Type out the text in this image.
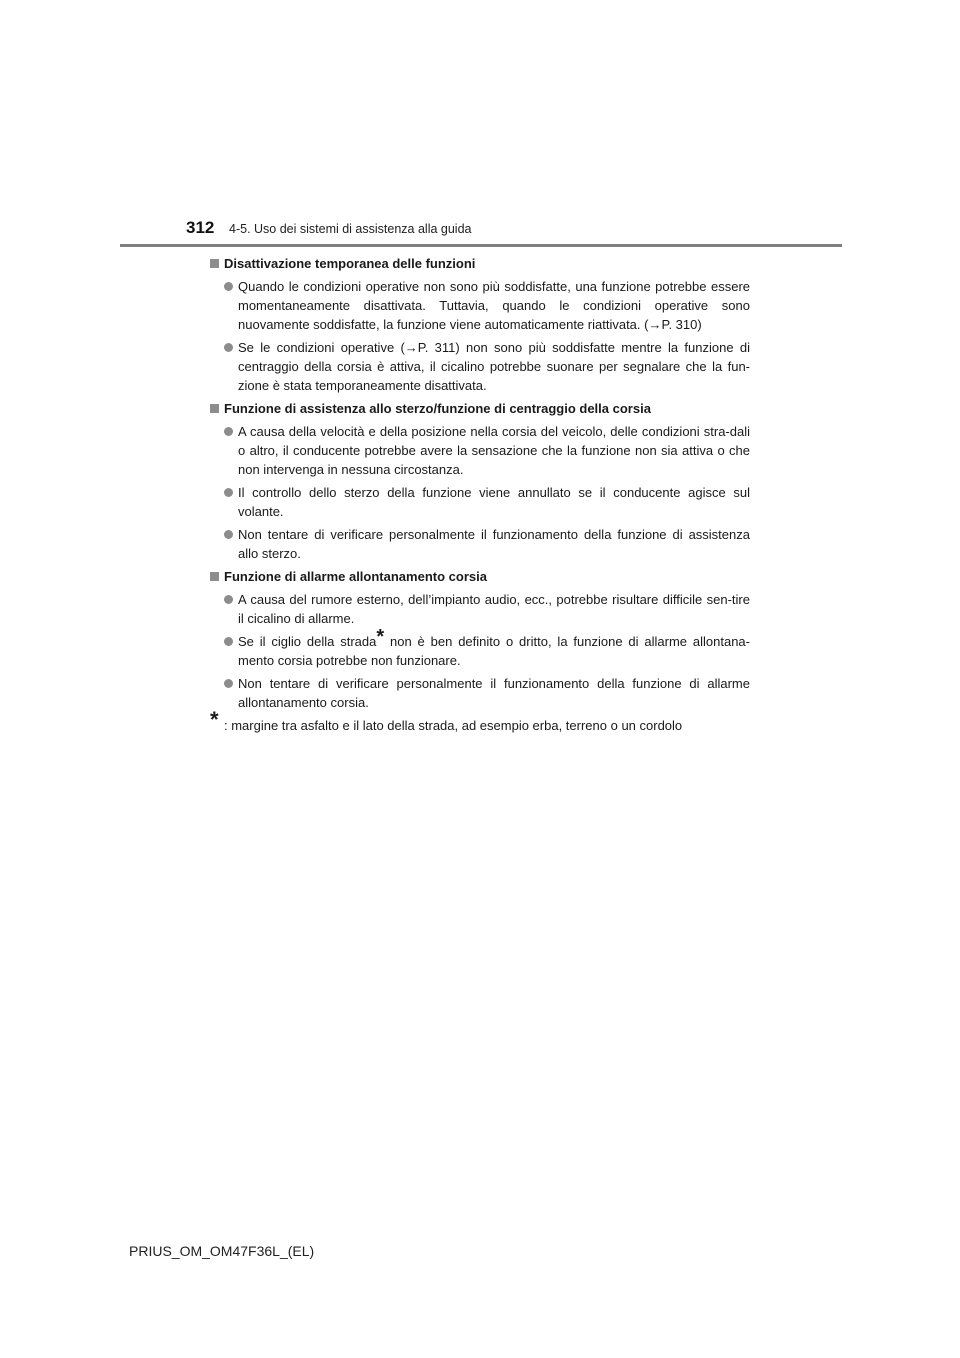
312 4-5. Uso dei sistemi di assistenza alla guida
Disattivazione temporanea delle funzioni
Quando le condizioni operative non sono più soddisfatte, una funzione potrebbe essere momentaneamente disattivata. Tuttavia, quando le condizioni operative sono nuovamente soddisfatte, la funzione viene automaticamente riattivata. (→P. 310)
Se le condizioni operative (→P. 311) non sono più soddisfatte mentre la funzione di centraggio della corsia è attiva, il cicalino potrebbe suonare per segnalare che la fun-zione è stata temporaneamente disattivata.
Funzione di assistenza allo sterzo/funzione di centraggio della corsia
A causa della velocità e della posizione nella corsia del veicolo, delle condizioni stra-dali o altro, il conducente potrebbe avere la sensazione che la funzione non sia attiva o che non intervenga in nessuna circostanza.
Il controllo dello sterzo della funzione viene annullato se il conducente agisce sul volante.
Non tentare di verificare personalmente il funzionamento della funzione di assistenza allo sterzo.
Funzione di allarme allontanamento corsia
A causa del rumore esterno, dell’impianto audio, ecc., potrebbe risultare difficile sen-tire il cicalino di allarme.
Se il ciglio della strada* non è ben definito o dritto, la funzione di allarme allontana-mento corsia potrebbe non funzionare.
Non tentare di verificare personalmente il funzionamento della funzione di allarme allontanamento corsia.
* : margine tra asfalto e il lato della strada, ad esempio erba, terreno o un cordolo
PRIUS_OM_OM47F36L_(EL)
